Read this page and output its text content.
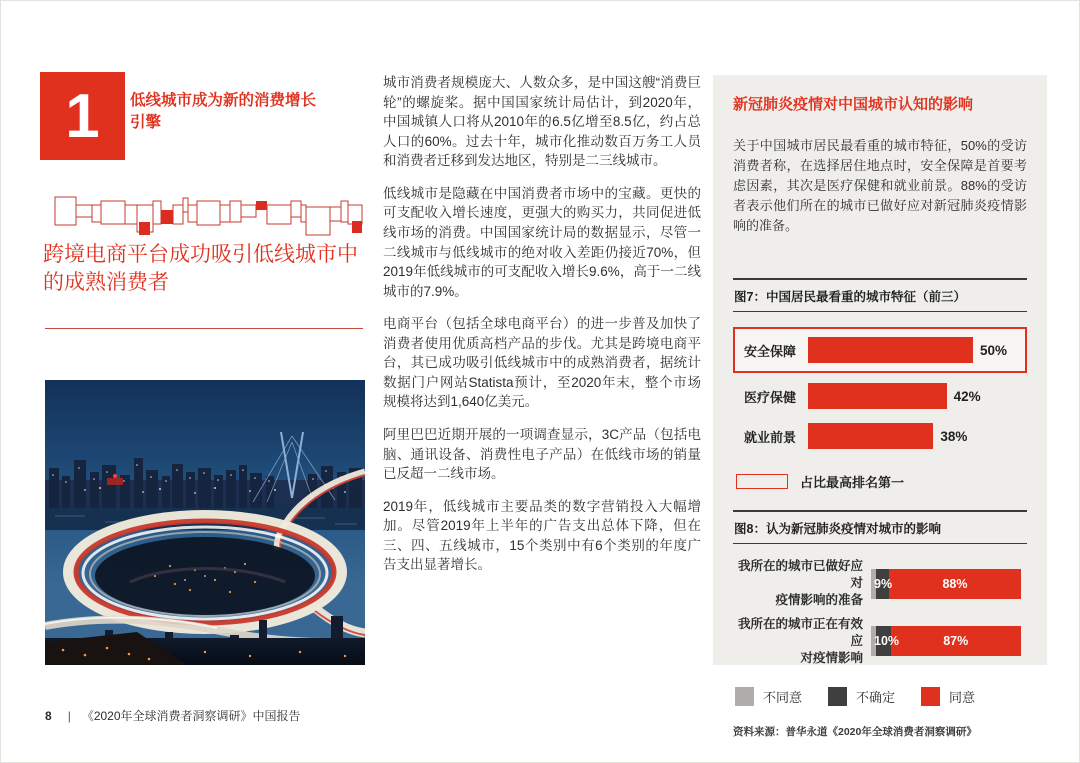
1 低线城市成为新的消费增长
引擎
跨境电商平台成功吸引低线城市中
的成熟消费者

城市消费者规模庞大、人数众多，是中国这艘“消费巨轮”的螺旋桨。据中国国家统计局估计，到2020年，中国城镇人口将从2010年的6.5亿增至8.5亿，约占总人口的60%。过去十年，城市化推动数百万务工人员和消费者迁移到发达地区，特别是二三线城市。

低线城市是隐藏在中国消费者市场中的宝藏。更快的可支配收入增长速度，更强大的购买力，共同促进低线市场的消费。中国国家统计局的数据显示，尽管一二线城市与低线城市的绝对收入差距仍接近70%，但2019年低线城市的可支配收入增长9.6%，高于一二线城市的7.9%。

电商平台（包括全球电商平台）的进一步普及加快了消费者使用优质高档产品的步伐。尤其是跨境电商平台，其已成功吸引低线城市中的成熟消费者，据统计数据门户网站Statista预计，至2020年末，整个市场规模将达到1,640亿美元。

阿里巴巴近期开展的一项调查显示，3C产品（包括电脑、通讯设备、消费性电子产品）在低线市场的销量已反超一二线市场。

2019年，低线城市主要品类的数字营销投入大幅增加。尽管2019年上半年的广告支出总体下降，但在三、四、五线城市，15个类别中有6个类别的年度广告支出显著增长。

新冠肺炎疫情对中国城市认知的影响
关于中国城市居民最看重的城市特征，50%的受访消费者称，在选择居住地点时，安全保障是首要考虑因素，其次是医疗保健和就业前景。88%的受访者表示他们所在的城市已做好应对新冠肺炎疫情影响的准备。
图7：中国居民最看重的城市特征（前三）
安全保障	50%
医疗保健	42%
就业前景	38%
占比最高排名第一
图8：认为新冠肺炎疫情对城市的影响
我所在的城市已做好应对
疫情影响的准备
9%	88%
我所在的城市正在有效应
对疫情影响
10%	87%
不同意	不确定	同意
资料来源：普华永道《2020年全球消费者洞察调研》
8 | 《2020年全球消费者洞察调研》中国报告
